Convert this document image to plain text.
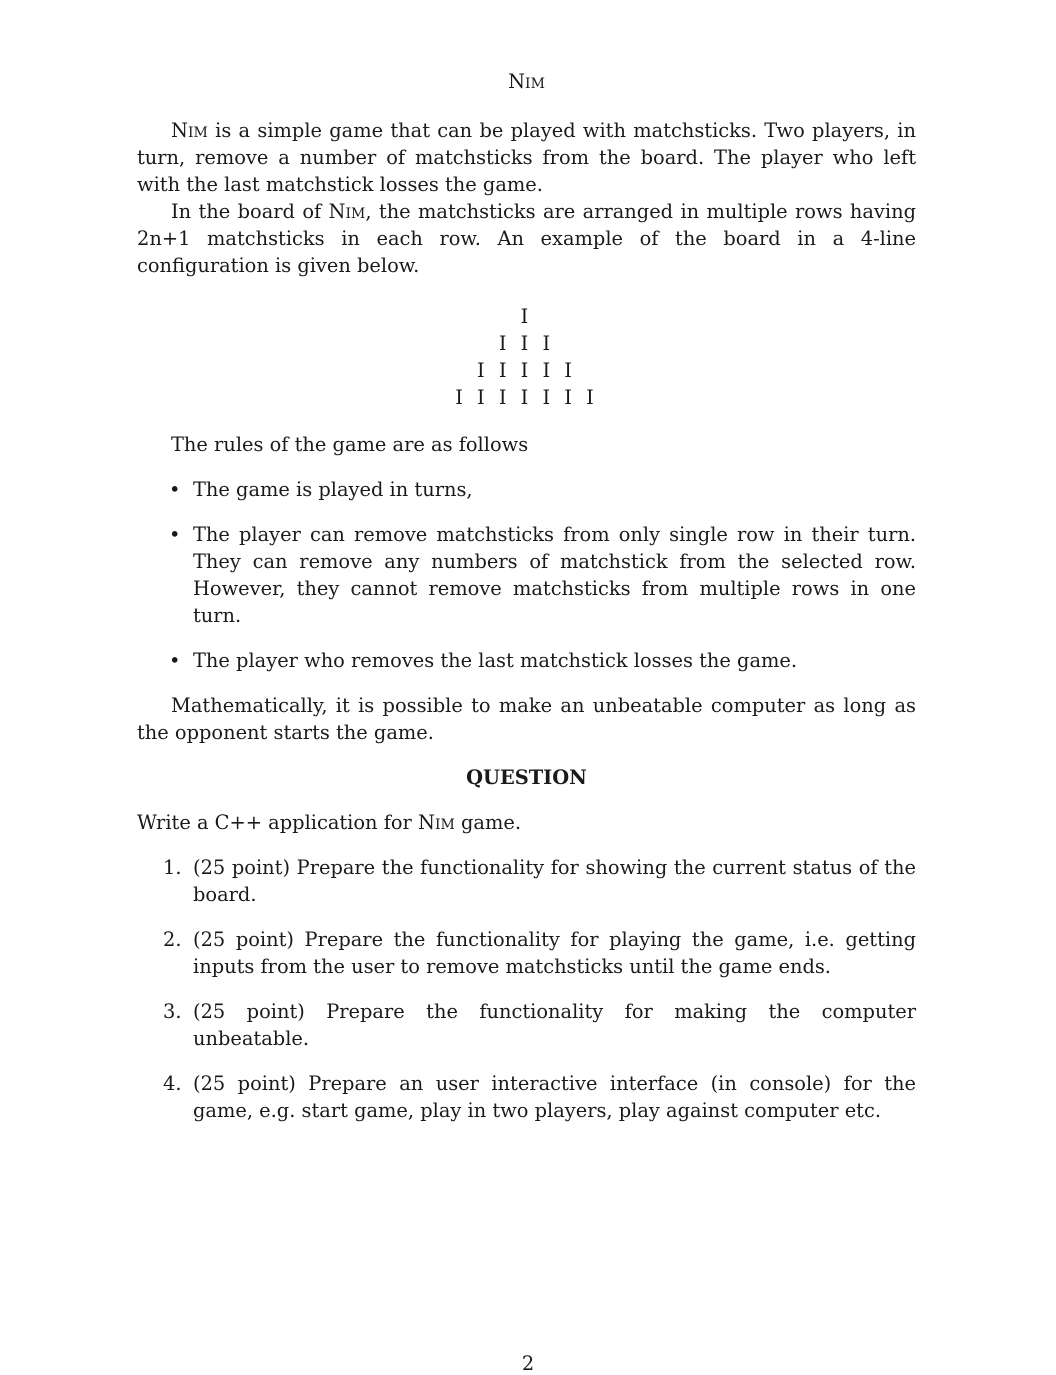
Nim

Nim is a simple game that can be played with matchsticks. Two players, in turn, remove a number of matchsticks from the board. The player who left with the last matchstick losses the game.

In the board of Nim, the matchsticks are arranged in multiple rows having 2n+1 matchsticks in each row. An example of the board in a 4-line configuration is given below.

I
I I I
I I I I I
I I I I I I I

The rules of the game are as follows

• The game is played in turns,
• The player can remove matchsticks from only single row in their turn. They can remove any numbers of matchstick from the selected row. However, they cannot remove matchsticks from multiple rows in one turn.
• The player who removes the last matchstick losses the game.

Mathematically, it is possible to make an unbeatable computer as long as the opponent starts the game.

QUESTION

Write a C++ application for Nim game.

1. (25 point) Prepare the functionality for showing the current status of the board.
2. (25 point) Prepare the functionality for playing the game, i.e. getting inputs from the user to remove matchsticks until the game ends.
3. (25 point) Prepare the functionality for making the computer unbeatable.
4. (25 point) Prepare an user interactive interface (in console) for the game, e.g. start game, play in two players, play against computer etc.
2
